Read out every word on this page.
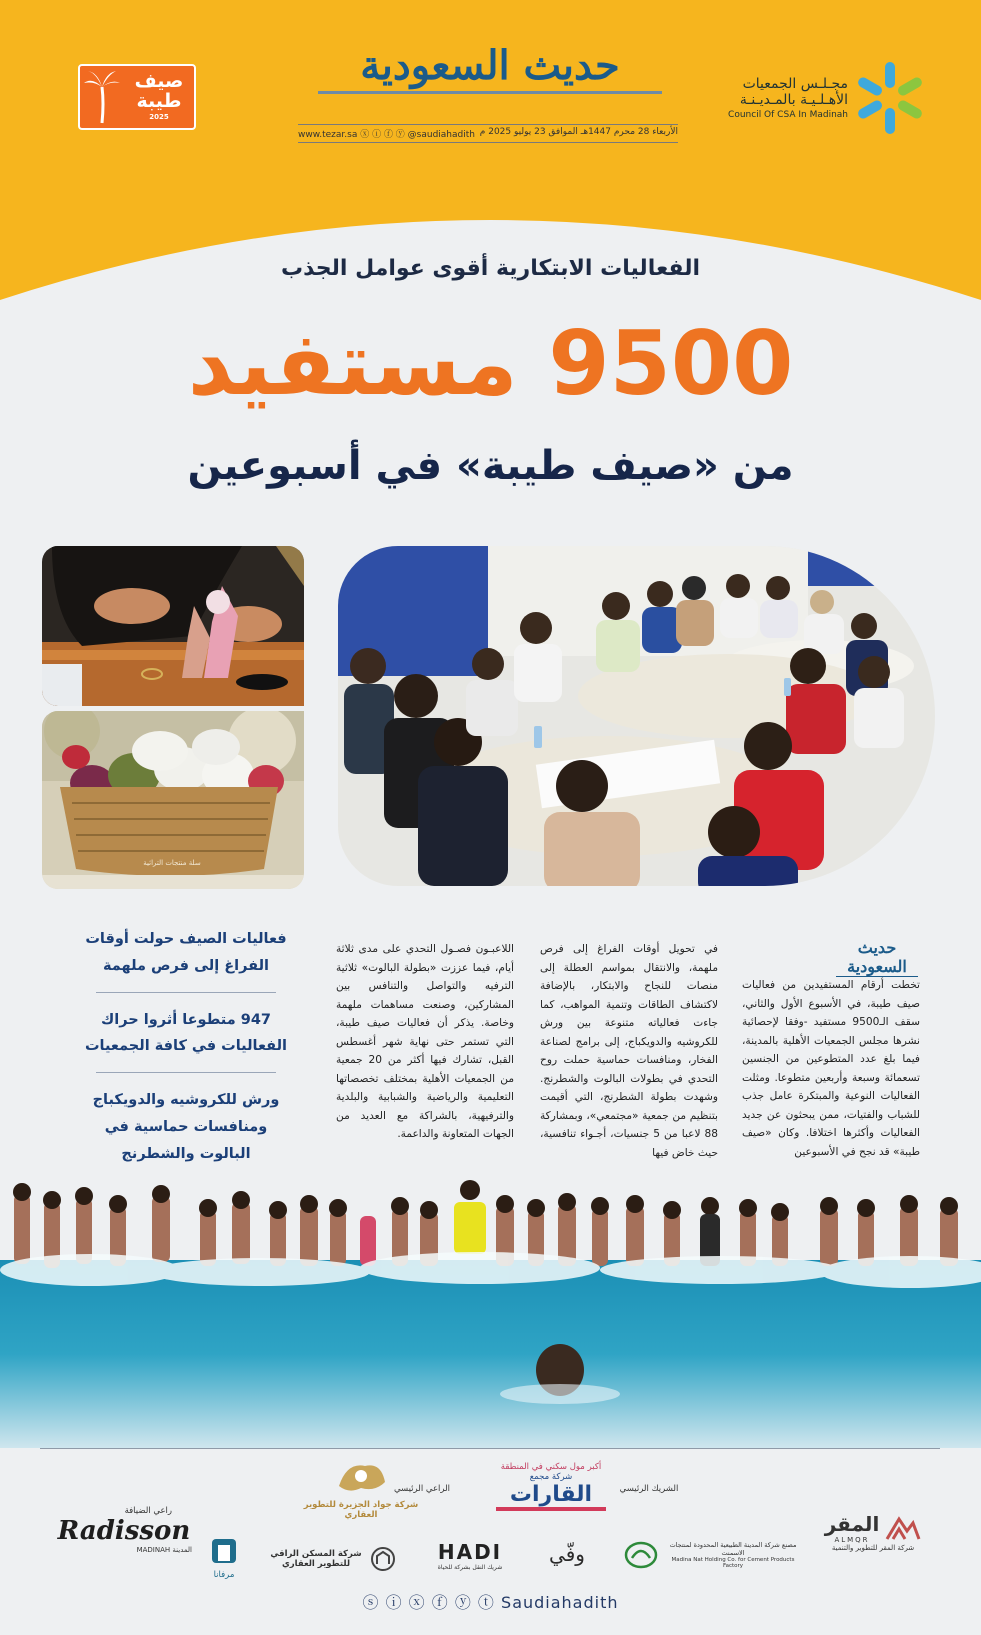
صيف
طيبة
2025
حديث السعودية
www.tezar.sa ⓧ ⓘ ⓕ ⓨ @saudiahadith الأربعاء 28 محرم 1447هـ الموافق 23 يوليو 2025 م
مجـلـس الجمعيات
الأهـلـيـة بالمـديـنـة
Council Of CSA In Madinah
الفعاليات الابتكارية أقوى عوامل الجذب
9500 مستفيد
من «صيف طيبة» في أسبوعين
سلة منتجات التراثية
فعاليات الصيف حولت أوقات الفراغ إلى فرص ملهمة
947 متطوعا أثروا حراك الفعاليات في كافة الجمعيات
ورش للكروشيه والدويكباج ومنافسات حماسية في البالوت والشطرنج
حديث السعودية

تخطت أرقام المستفيدين من فعاليات صيف طيبة، في الأسبوع الأول والثاني، سقف الـ9500 مستفيد -وفقا لإحصائية نشرها مجلس الجمعيات الأهلية بالمدينة، فيما بلغ عدد المتطوعين من الجنسين تسعمائة وسبعة وأربعين متطوعا. ومثلت الفعاليات النوعية والمبتكرة عامل جذب للشباب والفتيات، ممن يبحثون عن جديد الفعاليات وأكثرها اختلافا. وكان «صيف طيبة» قد نجح في الأسبوعين

في تحويل أوقات الفراغ إلى فرص ملهمة، والانتقال بمواسم العطلة إلى منصات للنجاح والابتكار، بالإضافة لاكتشاف الطاقات وتنمية المواهب، كما جاءت فعالياته متنوعة بين ورش للكروشيه والدويكباج، إلى برامج لصناعة الفخار، ومنافسات حماسية حملت روح التحدي في بطولات البالوت والشطرنج. وشهدت بطولة الشطرنج، التي أقيمت بتنظيم من جمعية «مجتمعي»، وبمشاركة 88 لاعبا من 5 جنسيات، أجـواء تنافسية، حيث خاض فيها

اللاعبـون فصـول التحدي على مدى ثلاثة أيام، فيما عززت «بطولة البالوت» ثلاثية الترفيه والتواصل والتنافس بين المشاركين، وصنعت مساهمات ملهمة وخاصة. يذكر أن فعاليات صيف طيبة، التي تستمر حتى نهاية شهر أغسطس القبل، تشارك فيها أكثر من 20 جمعية من الجمعيات الأهلية بمختلف تخصصاتها التعليمية والرياضية والشبابية والبلدية والترفيهية، بالشراكة مع العديد من الجهات المتعاونة والداعمة.

شركة جواد الجزيرة للتطوير العقاري
الراعي الرئيسي
أكبر مول سكني في المنطقة
شركة مجمع
القارات	الشريك الرئيسي
راعي الضيافة
Radisson
MADINAH المدينة
مرفانا
شركة المسكن الراقي للتطوير العقاري	HADI
شريك النقل بشركة للحياة
وفّي	مصنع شركة المدينة الطبيعية المحدودة لمنتجات الاسمنت
Madina Nat Holding Co. for Cement Products Factory
المقر
ALMQR
شركة المقر للتطوير والتنمية
ⓢ ⓘ ⓧ ⓕ ⓨ ⓣ Saudiahadith
